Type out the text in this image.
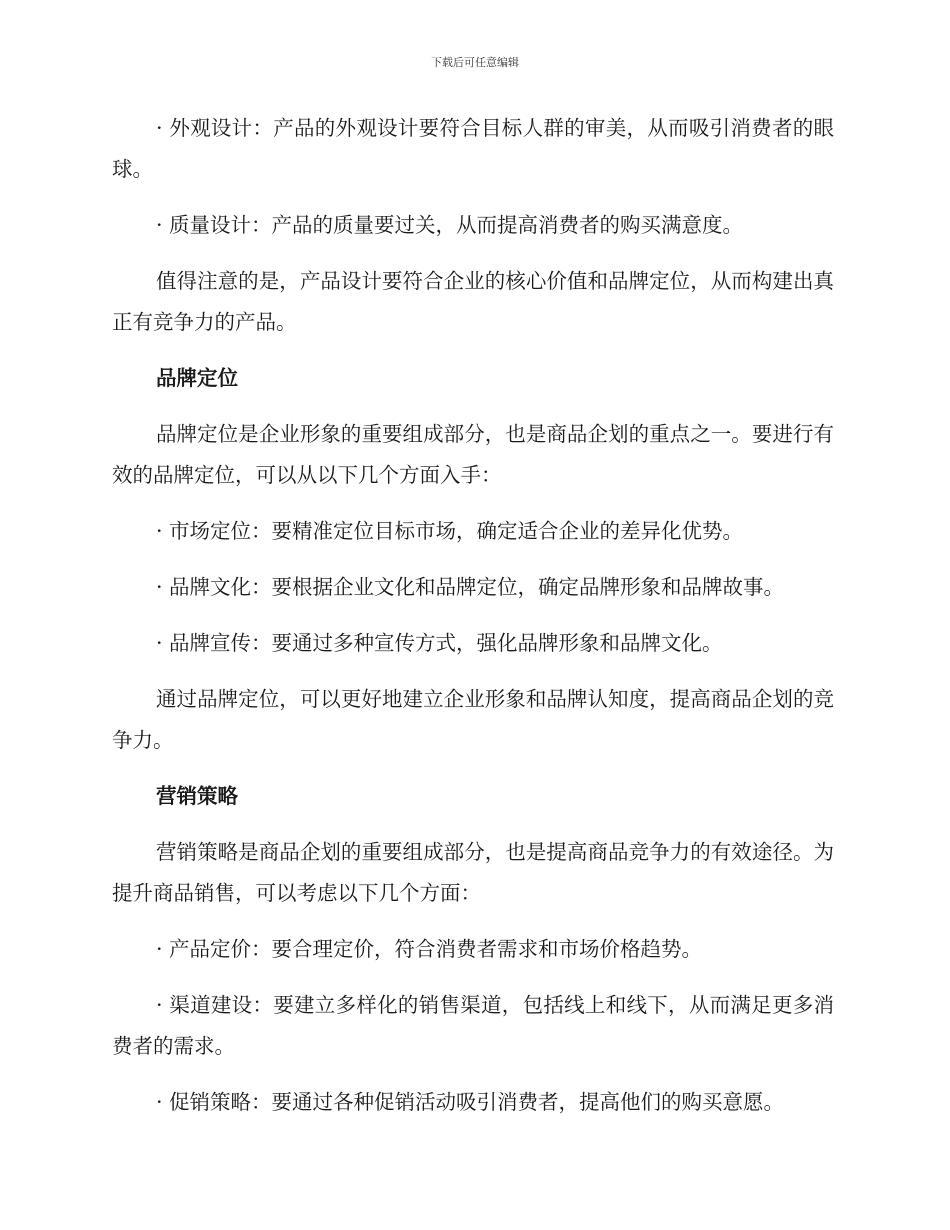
下载后可任意编辑

· 外观设计：产品的外观设计要符合目标人群的审美，从而吸引消费者的眼球。

· 质量设计：产品的质量要过关，从而提高消费者的购买满意度。

值得注意的是，产品设计要符合企业的核心价值和品牌定位，从而构建出真正有竞争力的产品。

品牌定位

品牌定位是企业形象的重要组成部分，也是商品企划的重点之一。要进行有效的品牌定位，可以从以下几个方面入手：

· 市场定位：要精准定位目标市场，确定适合企业的差异化优势。

· 品牌文化：要根据企业文化和品牌定位，确定品牌形象和品牌故事。

· 品牌宣传：要通过多种宣传方式，强化品牌形象和品牌文化。

通过品牌定位，可以更好地建立企业形象和品牌认知度，提高商品企划的竞争力。

营销策略

营销策略是商品企划的重要组成部分，也是提高商品竞争力的有效途径。为提升商品销售，可以考虑以下几个方面：

· 产品定价：要合理定价，符合消费者需求和市场价格趋势。

· 渠道建设：要建立多样化的销售渠道，包括线上和线下，从而满足更多消费者的需求。

· 促销策略：要通过各种促销活动吸引消费者，提高他们的购买意愿。
